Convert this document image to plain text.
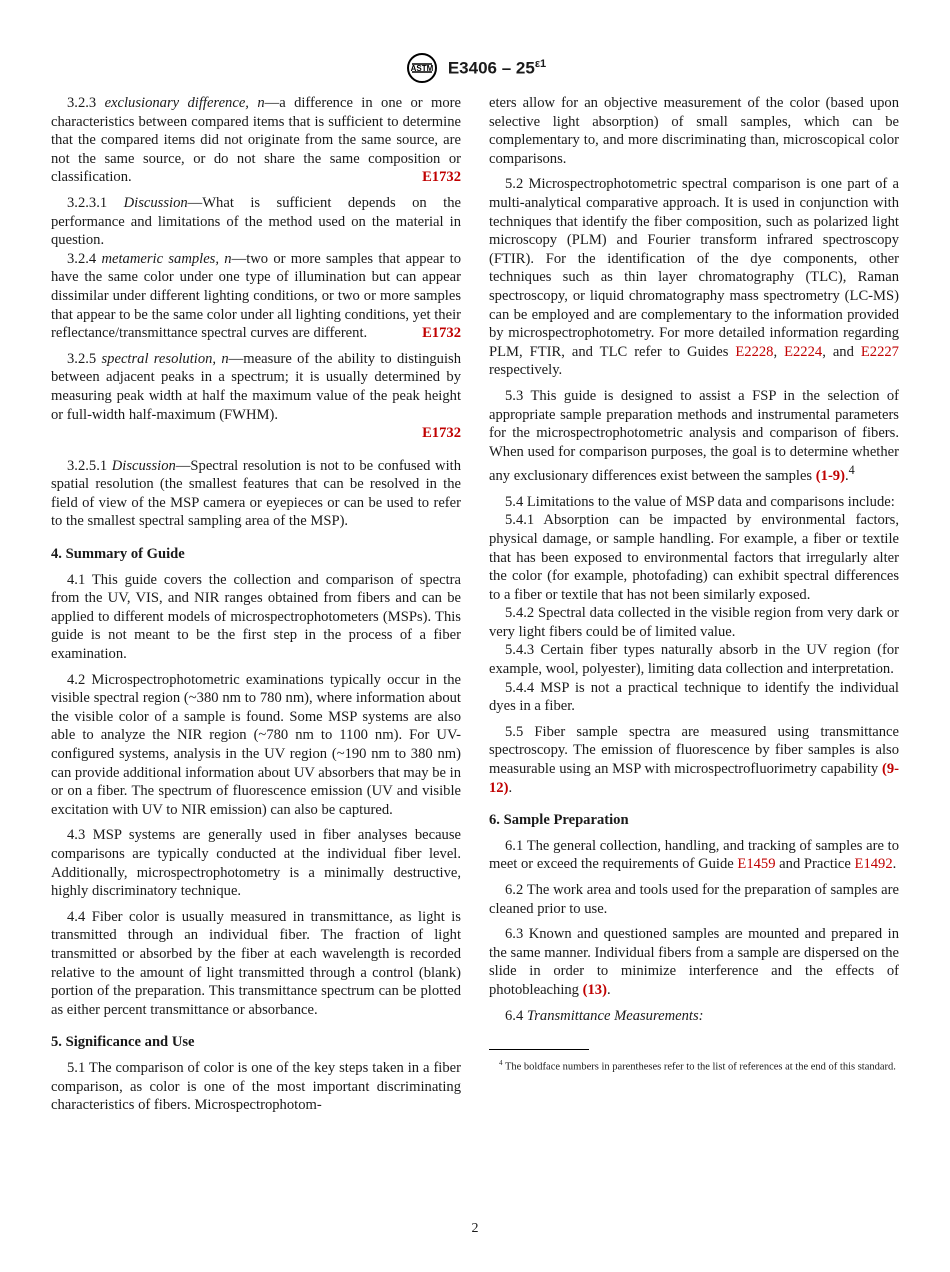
ASTM $E3406 - 25^{\varepsilon 1}$

3.2.3 exclusionary difference, n—a difference in one or more characteristics between compared items that is sufficient to determine that the compared items did not originate from the same source, are not the same source, or do not share the same composition or classification.	E1732

3.2.3.1 Discussion—What is sufficient depends on the performance and limitations of the method used on the material in question.

3.2.4 metameric samples, n—two or more samples that appear to have the same color under one type of illumination but can appear dissimilar under different lighting conditions, or two or more samples that appear to be the same color under all lighting conditions, yet their reflectance/transmittance spectral curves are different.	E1732

3.2.5 spectral resolution, n—measure of the ability to distinguish between adjacent peaks in a spectrum; it is usually determined by measuring peak width at half the maximum value of the peak height or full-width half-maximum (FWHM).

E1732

3.2.5.1 Discussion—Spectral resolution is not to be confused with spatial resolution (the smallest features that can be resolved in the field of view of the MSP camera or eyepieces or can be used to refer to the smallest spectral sampling area of the MSP).

4. Summary of Guide

4.1 This guide covers the collection and comparison of spectra from the UV, VIS, and NIR ranges obtained from fibers and can be applied to different models of microspectrophotometers (MSPs). This guide is not meant to be the first step in the process of a fiber examination.

4.2 Microspectrophotometric examinations typically occur in the visible spectral region (~380 nm to 780 nm), where information about the visible color of a sample is found. Some MSP systems are also able to analyze the NIR region (~780 nm to 1100 nm). For UV-configured systems, analysis in the UV region (~190 nm to 380 nm) can provide additional information about UV absorbers that may be in or on a fiber. The spectrum of fluorescence emission (UV and visible excitation with UV to NIR emission) can also be captured.

4.3 MSP systems are generally used in fiber analyses because comparisons are typically conducted at the individual fiber level. Additionally, microspectrophotometry is a minimally destructive, highly discriminatory technique.

4.4 Fiber color is usually measured in transmittance, as light is transmitted through an individual fiber. The fraction of light transmitted or absorbed by the fiber at each wavelength is recorded relative to the amount of light transmitted through a control (blank) portion of the preparation. This transmittance spectrum can be plotted as either percent transmittance or absorbance.

5. Significance and Use

5.1 The comparison of color is one of the key steps taken in a fiber comparison, as color is one of the most important discriminating characteristics of fibers. Microspectrophotom-

eters allow for an objective measurement of the color (based upon selective light absorption) of small samples, which can be complementary to, and more discriminating than, microscopical color comparisons.

5.2 Microspectrophotometric spectral comparison is one part of a multi-analytical comparative approach. It is used in conjunction with techniques that identify the fiber composition, such as polarized light microscopy (PLM) and Fourier transform infrared spectroscopy (FTIR). For the identification of the dye components, other techniques such as thin layer chromatography (TLC), Raman spectroscopy, or liquid chromatography mass spectrometry (LC-MS) can be employed and are complementary to the information provided by microspectrophotometry. For more detailed information regarding PLM, FTIR, and TLC refer to Guides E2228, E2224, and E2227 respectively.

5.3 This guide is designed to assist a FSP in the selection of appropriate sample preparation methods and instrumental parameters for the microspectrophotometric analysis and comparison of fibers. When used for comparison purposes, the goal is to determine whether any exclusionary differences exist between the samples (1-9).$^4$

5.4 Limitations to the value of MSP data and comparisons include:

5.4.1 Absorption can be impacted by environmental factors, physical damage, or sample handling. For example, a fiber or textile that has been exposed to environmental factors that irregularly alter the color (for example, photofading) can exhibit spectral differences to a fiber or textile that has not been similarly exposed.

5.4.2 Spectral data collected in the visible region from very dark or very light fibers could be of limited value.

5.4.3 Certain fiber types naturally absorb in the UV region (for example, wool, polyester), limiting data collection and interpretation.

5.4.4 MSP is not a practical technique to identify the individual dyes in a fiber.

5.5 Fiber sample spectra are measured using transmittance spectroscopy. The emission of fluorescence by fiber samples is also measurable using an MSP with microspectrofluorimetry capability (9-12).

6. Sample Preparation

6.1 The general collection, handling, and tracking of samples are to meet or exceed the requirements of Guide E1459 and Practice E1492.

6.2 The work area and tools used for the preparation of samples are cleaned prior to use.

6.3 Known and questioned samples are mounted and prepared in the same manner. Individual fibers from a sample are dispersed on the slide in order to minimize interference and the effects of photobleaching (13).

6.4 Transmittance Measurements:

$^4$ The boldface numbers in parentheses refer to the list of references at the end of this standard.

2
